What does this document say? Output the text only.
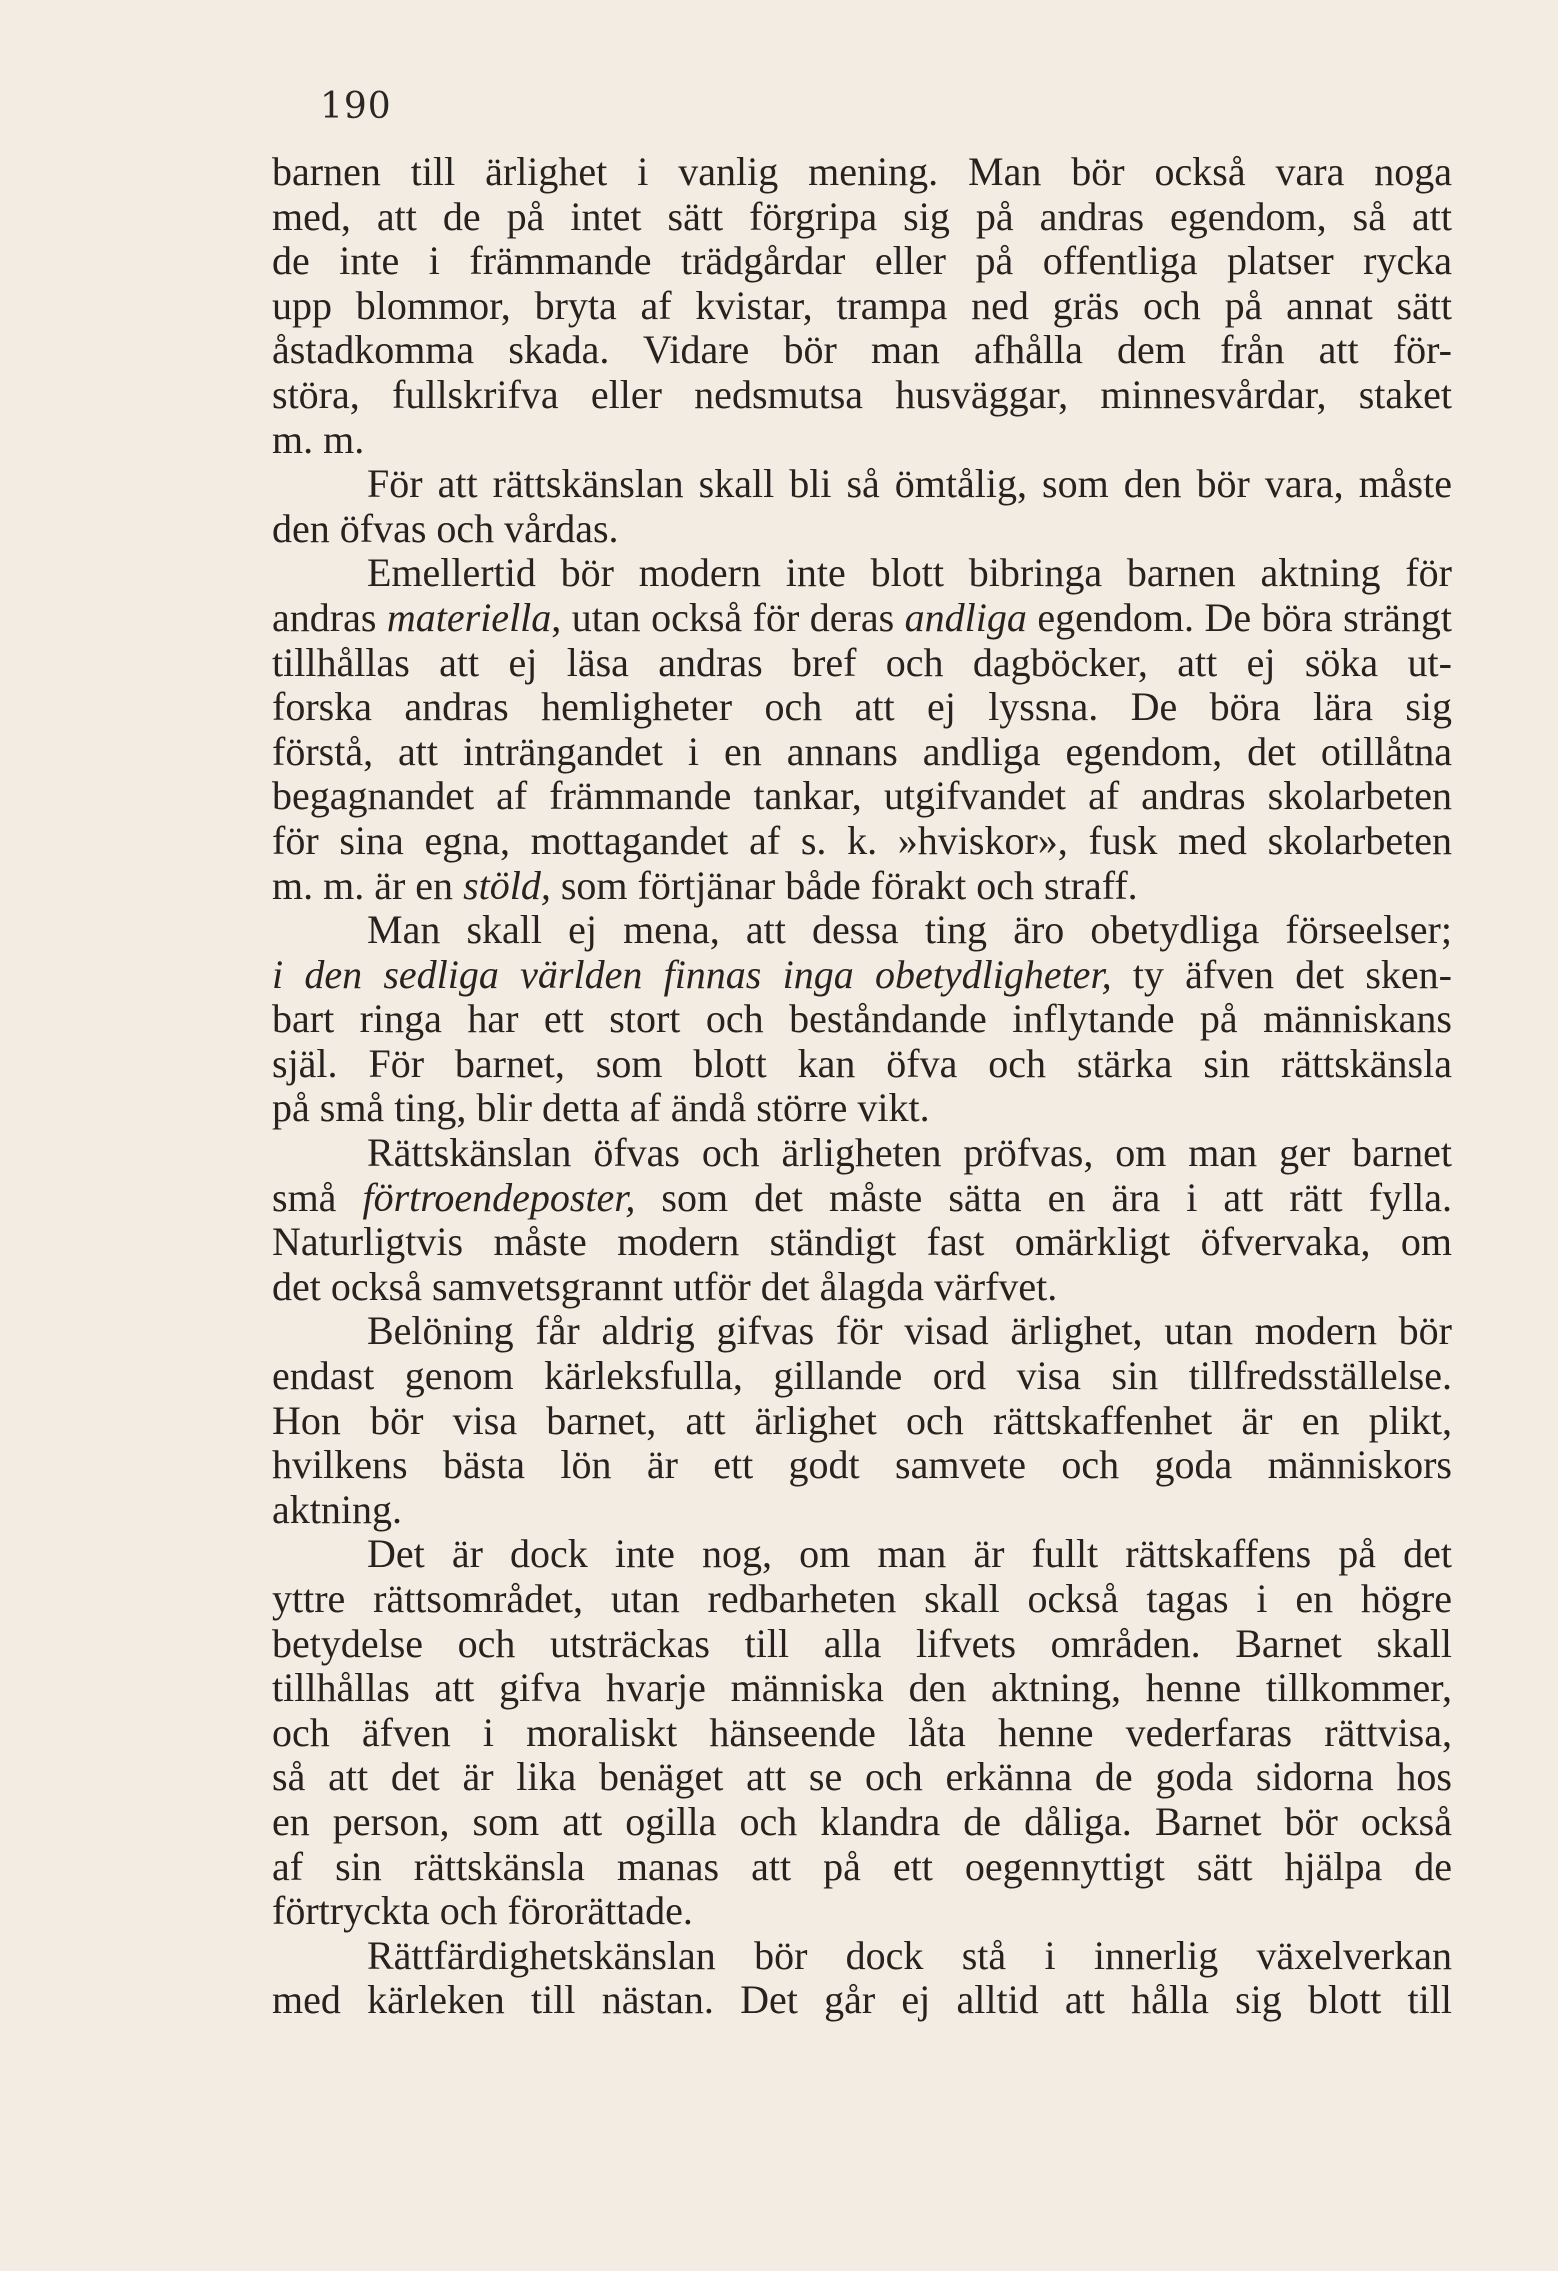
190
barnen till ärlighet i vanlig mening. Man bör också vara noga
med, att de på intet sätt förgripa sig på andras egendom, så att
de inte i främmande trädgårdar eller på offentliga platser rycka
upp blommor, bryta af kvistar, trampa ned gräs och på annat sätt
åstadkomma skada. Vidare bör man afhålla dem från att för-
störa, fullskrifva eller nedsmutsa husväggar, minnesvårdar, staket
m. m.
För att rättskänslan skall bli så ömtålig, som den bör vara, måste
den öfvas och vårdas.
Emellertid bör modern inte blott bibringa barnen aktning för
andras materiella, utan också för deras andliga egendom. De böra strängt
tillhållas att ej läsa andras bref och dagböcker, att ej söka ut-
forska andras hemligheter och att ej lyssna. De böra lära sig
förstå, att inträngandet i en annans andliga egendom, det otillåtna
begagnandet af främmande tankar, utgifvandet af andras skolarbeten
för sina egna, mottagandet af s. k. »hviskor», fusk med skolarbeten
m. m. är en stöld, som förtjänar både förakt och straff.
Man skall ej mena, att dessa ting äro obetydliga förseelser;
i den sedliga världen finnas inga obetydligheter, ty äfven det sken-
bart ringa har ett stort och beståndande inflytande på människans
själ. För barnet, som blott kan öfva och stärka sin rättskänsla
på små ting, blir detta af ändå större vikt.
Rättskänslan öfvas och ärligheten pröfvas, om man ger barnet
små förtroendeposter, som det måste sätta en ära i att rätt fylla.
Naturligtvis måste modern ständigt fast omärkligt öfvervaka, om
det också samvetsgrannt utför det ålagda värfvet.
Belöning får aldrig gifvas för visad ärlighet, utan modern bör
endast genom kärleksfulla, gillande ord visa sin tillfredsställelse.
Hon bör visa barnet, att ärlighet och rättskaffenhet är en plikt,
hvilkens bästa lön är ett godt samvete och goda människors
aktning.
Det är dock inte nog, om man är fullt rättskaffens på det
yttre rättsområdet, utan redbarheten skall också tagas i en högre
betydelse och utsträckas till alla lifvets områden. Barnet skall
tillhållas att gifva hvarje människa den aktning, henne tillkommer,
och äfven i moraliskt hänseende låta henne vederfaras rättvisa,
så att det är lika benäget att se och erkänna de goda sidorna hos
en person, som att ogilla och klandra de dåliga. Barnet bör också
af sin rättskänsla manas att på ett oegennyttigt sätt hjälpa de
förtryckta och förorättade.
Rättfärdighetskänslan bör dock stå i innerlig växelverkan
med kärleken till nästan. Det går ej alltid att hålla sig blott till
